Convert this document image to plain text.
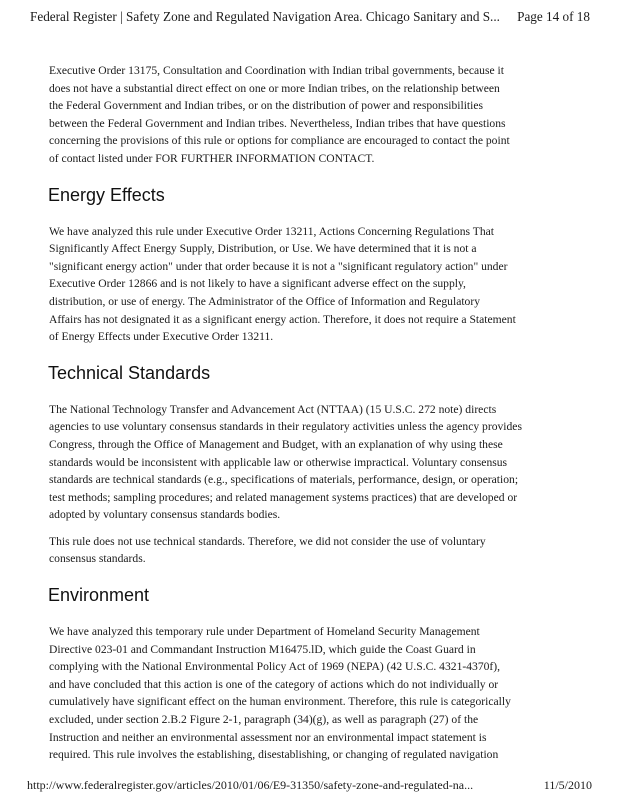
Federal Register | Safety Zone and Regulated Navigation Area. Chicago Sanitary and S... Page 14 of 18

Executive Order 13175, Consultation and Coordination with Indian tribal governments, because it
does not have a substantial direct effect on one or more Indian tribes, on the relationship between
the Federal Government and Indian tribes, or on the distribution of power and responsibilities
between the Federal Government and Indian tribes. Nevertheless, Indian tribes that have questions
concerning the provisions of this rule or options for compliance are encouraged to contact the point
of contact listed under FOR FURTHER INFORMATION CONTACT.

Energy Effects

We have analyzed this rule under Executive Order 13211, Actions Concerning Regulations That
Significantly Affect Energy Supply, Distribution, or Use. We have determined that it is not a
"significant energy action" under that order because it is not a "significant regulatory action" under
Executive Order 12866 and is not likely to have a significant adverse effect on the supply,
distribution, or use of energy. The Administrator of the Office of Information and Regulatory
Affairs has not designated it as a significant energy action. Therefore, it does not require a Statement
of Energy Effects under Executive Order 13211.

Technical Standards

The National Technology Transfer and Advancement Act (NTTAA) (15 U.S.C. 272 note) directs
agencies to use voluntary consensus standards in their regulatory activities unless the agency provides
Congress, through the Office of Management and Budget, with an explanation of why using these
standards would be inconsistent with applicable law or otherwise impractical. Voluntary consensus
standards are technical standards (e.g., specifications of materials, performance, design, or operation;
test methods; sampling procedures; and related management systems practices) that are developed or
adopted by voluntary consensus standards bodies.

This rule does not use technical standards. Therefore, we did not consider the use of voluntary
consensus standards.

Environment

We have analyzed this temporary rule under Department of Homeland Security Management
Directive 023-01 and Commandant Instruction M16475.lD, which guide the Coast Guard in
complying with the National Environmental Policy Act of 1969 (NEPA) (42 U.S.C. 4321-4370f),
and have concluded that this action is one of the category of actions which do not individually or
cumulatively have significant effect on the human environment. Therefore, this rule is categorically
excluded, under section 2.B.2 Figure 2-1, paragraph (34)(g), as well as paragraph (27) of the
Instruction and neither an environmental assessment nor an environmental impact statement is
required. This rule involves the establishing, disestablishing, or changing of regulated navigation

http://www.federalregister.gov/articles/2010/01/06/E9-31350/safety-zone-and-regulated-na...	11/5/2010
